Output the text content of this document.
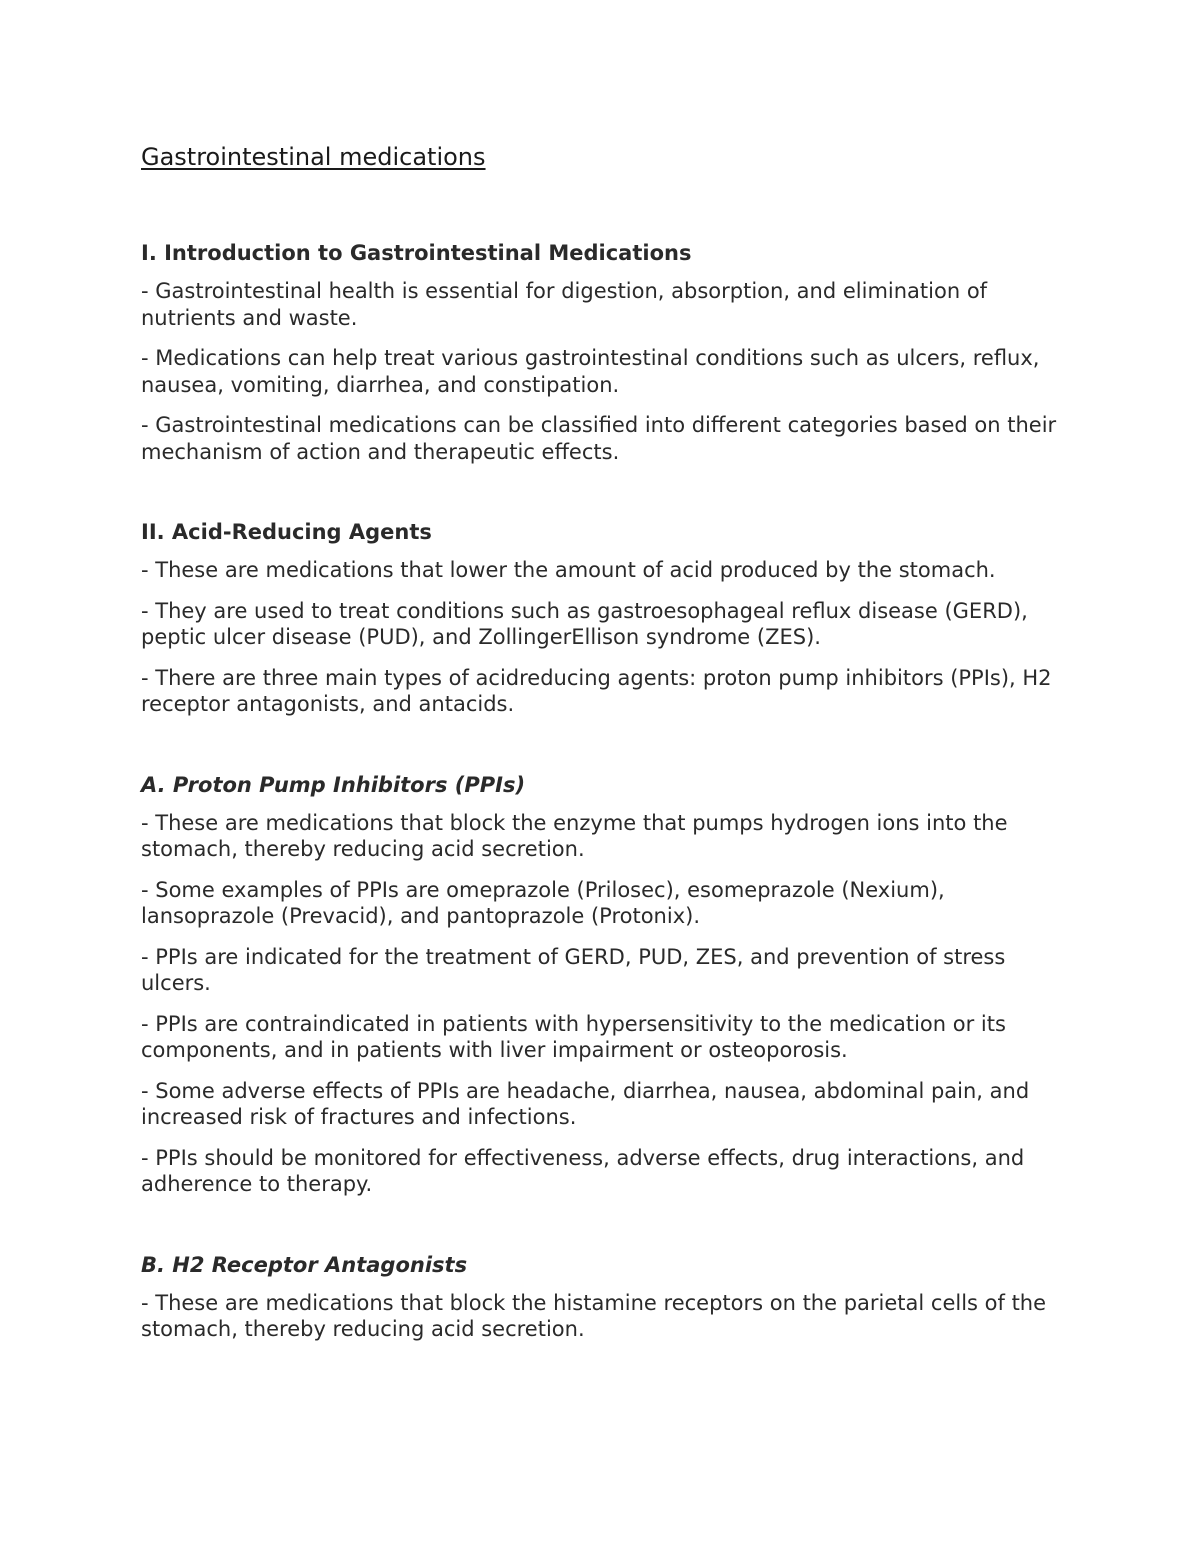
Gastrointestinal medications
I. Introduction to Gastrointestinal Medications

- Gastrointestinal health is essential for digestion, absorption, and elimination of nutrients and waste.

- Medications can help treat various gastrointestinal conditions such as ulcers, reflux, nausea, vomiting, diarrhea, and constipation.

- Gastrointestinal medications can be classified into different categories based on their mechanism of action and therapeutic effects.

II. Acid-Reducing Agents

- These are medications that lower the amount of acid produced by the stomach.

- They are used to treat conditions such as gastroesophageal reflux disease (GERD), peptic ulcer disease (PUD), and ZollingerEllison syndrome (ZES).

- There are three main types of acidreducing agents: proton pump inhibitors (PPIs), H2 receptor antagonists, and antacids.

A. Proton Pump Inhibitors (PPIs)

- These are medications that block the enzyme that pumps hydrogen ions into the stomach, thereby reducing acid secretion.

- Some examples of PPIs are omeprazole (Prilosec), esomeprazole (Nexium), lansoprazole (Prevacid), and pantoprazole (Protonix).

- PPIs are indicated for the treatment of GERD, PUD, ZES, and prevention of stress ulcers.

- PPIs are contraindicated in patients with hypersensitivity to the medication or its components, and in patients with liver impairment or osteoporosis.

- Some adverse effects of PPIs are headache, diarrhea, nausea, abdominal pain, and increased risk of fractures and infections.

- PPIs should be monitored for effectiveness, adverse effects, drug interactions, and adherence to therapy.

B. H2 Receptor Antagonists

- These are medications that block the histamine receptors on the parietal cells of the stomach, thereby reducing acid secretion.
